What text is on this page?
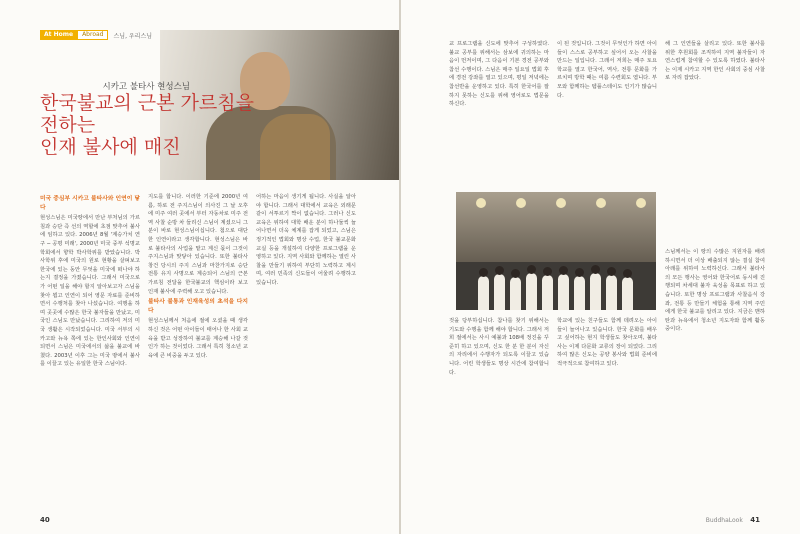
At Home	Abroad	스님, 우리스님
시카고 불타사 현성스님
한국불교의 근본 가르침을 전하는
인재 불사에 매진
미국 중심부 시카고 불타사와 인연이 닿다

현성스님은 미국땅에서 만난 부처님의 가르침과 승단 즉 선의 역할에 초점 맞추어 불사에 임하고 있다. 2006년 8월 '계승가치 연구 ─ 공평 미래', 2000년 미국 중부 석명교학회에서 향학 박사학위를 받았습니다. 박사학위 후에 미국의 원로 현황을 살펴보고 한국에 있는 동안 무엇을 미국에 떠나야 하는지 결정을 가졌습니다. 그래서 미국으로 가 어떤 일을 해야 할지 알아보고자 스님을 찾아 뵙고 인연이 되어 영문 자료를 준비하면서 수행처를 찾아 나섰습니다. 여행을 하며 곳곳에 수많은 한국 불자들을 만났고, 미국인 스님도 만났습니다. 그리하여 저의 미국 생활은 시작되었습니다. 미국 서부의 시카고와 뉴욕 쪽에 있는 한인사회와 인연이 되면서 스님은 미국에서의 삶을 불교에 바쳤다. 2003년 이후 그는 미국 땅에서 불사를 이끌고 있는 유일한 한국 스님이다.

지도를 합니다. 이러한 기준에 2000년 여름, 하로 전 주지스님이 의사진 그 날 오후에 미주 여러 곳에서 부터 자동차로 미주 전역 사찰 순방 차 들리신 스님이 계셨으니 그분이 바로 현성스님이십니다. 첨으로 대단한 인연이라고 생각합니다. 현성스님은 바로 불타사의 사업을 맡고 계신 몫이 그것이 주지스님과 맞닿아 있습니다. 또한 불타사 창건 당시의 주지 스님과 마찬가지로 승단 전통 유지 사명으로 계승되어 스님의 근본 가르침 전달을 한국불교의 핵심이라 보고 인재 불사에 주력해 오고 있습니다.

불타사 불통과 인재육성의 초석을 다지다

현성스님께서 처음에 절에 오셨을 때 생각하신 것은 어떤 아이들이 태어나 한 사회 교육을 받고 성장하여 불교를 계승해 나갈 것인가 하는 것이었다. 그래서 특히 청소년 교육에 큰 비중을 두고 있다.

어하는 마음이 생기게 됩니다. 사실을 알아야 합니다. 그래서 대학에서 교육은 외래문 같이 서투르기 짝이 없습니다. 그러나 신도교육은 위하여 대학 배운 분이 하나둘씩 늘어나면서 더욱 체계를 잡게 되었고, 스님은 정기적인 법회와 명상 수업, 한국 불교문화 교실 등을 개설하여 다양한 프로그램을 운영하고 있다. 지역 사회와 함께하는 열린 사찰을 만들기 위하여 부단히 노력하고 계시며, 여러 민족의 신도들이 어울려 수행하고 있습니다.

40

교 프로그램을 신도에 맞추어 구성하였다. 불교 공부를 위해서는 삼보에 귀의하는 마음이 먼저이며, 그 다음이 기본 경전 공부와 참선 수행이다. 스님은 매주 일요일 법회 후에 경전 강좌를 열고 있으며, 평일 저녁에는 참선반을 운영하고 있다. 특히 한국어를 잘 하지 못하는 신도를 위해 영어로도 법문을 하신다.

이 된 것입니다. 그것이 무엇인가 하면 아이들이 스스로 공부하고 싶어서 오는 사찰을 만드는 일입니다. 그래서 저희는 매주 토요 학교를 열고 한국어, 역사, 전통 문화를 가르치며 방학 때는 여름 수련회도 엽니다. 부모와 함께하는 템플스테이도 인기가 많습니다.

해 그 인연들을 살리고 있다. 또한 불사를 위한 후원회를 조직하여 지역 불자들이 자연스럽게 참여할 수 있도록 하였다. 불타사는 이제 시카고 지역 한인 사회의 중심 사찰로 자리 잡았다.

것을 당부하십니다. 참나를 찾기 위해서는 기도와 수행을 함께 해야 합니다. 그래서 저희 절에서는 사시 예불과 108배 정진을 꾸준히 하고 있으며, 신도 한 분 한 분이 자신의 자리에서 수행자가 되도록 이끌고 있습니다. 어린 학생들도 명상 시간에 참여합니다.

학교에 있는 친구들도 함께 데려오는 아이들이 늘어나고 있습니다. 한국 문화를 배우고 싶어하는 현지 학생들도 찾아오며, 불타사는 이제 다문화 교류의 장이 되었다. 그리하여 많은 신도는 공양 봉사와 법회 준비에 적극적으로 참여하고 있다.

스님께서는 이 땅의 수많은 지원자를 배려하시면서 더 이상 배출되지 않는 결실 참여 아래를 위하여 노력하신다. 그래서 불타사의 모든 행사는 영어와 한국어로 동시에 진행되며 차세대 불자 육성을 목표로 하고 있습니다. 또한 명상 프로그램과 사찰음식 강좌, 전통 등 만들기 체험을 통해 지역 주민에게 한국 불교를 알리고 있다. 지금은 맨하탄과 뉴욕에서 청소년 지도자와 함께 활동 중이다.

BuddhaLook 41
